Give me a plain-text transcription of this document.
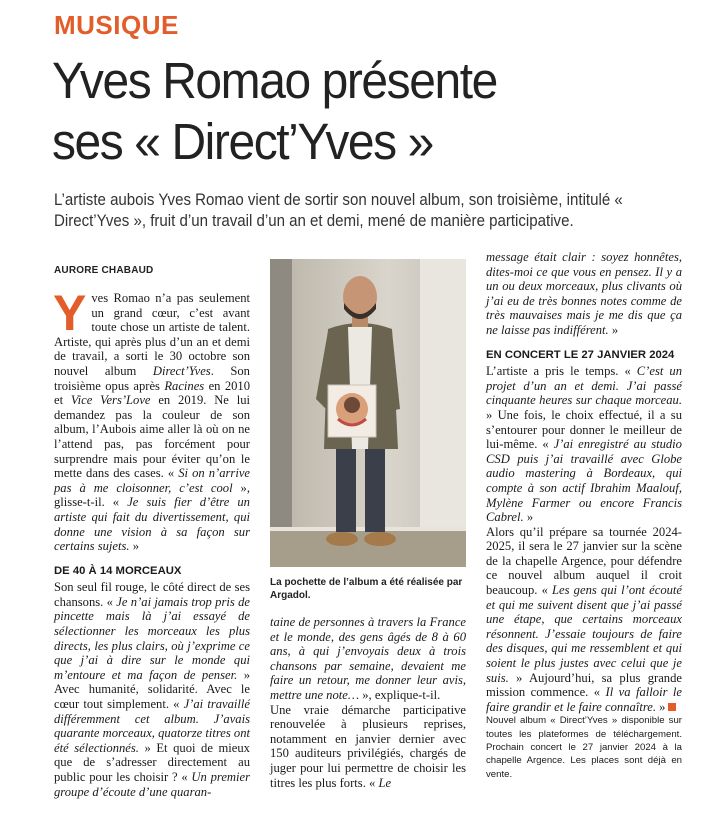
MUSIQUE
Yves Romao présente
ses « Direct’Yves »
L’artiste aubois Yves Romao vient de sortir son nouvel album, son troisième, intitulé « Direct’Yves », fruit d’un travail d’un an et demi, mené de manière participative.
AURORE CHABAUD

Yves Romao n’a pas seulement un grand cœur, c’est avant toute chose un artiste de talent. Artiste, qui après plus d’un an et demi de travail, a sorti le 30 octobre son nouvel album Direct’Yves. Son troisième opus après Racines en 2010 et Vice Vers’Love en 2019. Ne lui demandez pas la couleur de son album, l’Aubois aime aller là où on ne l’attend pas, pas forcément pour surprendre mais pour éviter qu’on le mette dans des cases. « Si on n’arrive pas à me cloisonner, c’est cool », glisse-t-il. « Je suis fier d’être un artiste qui fait du divertissement, qui donne une vision à sa façon sur certains sujets. »

DE 40 À 14 MORCEAUX

Son seul fil rouge, le côté direct de ses chansons. « Je n’ai jamais trop pris de pincette mais là j’ai essayé de sélectionner les morceaux les plus directs, les plus clairs, où j’exprime ce que j’ai à dire sur le monde qui m’entoure et ma façon de penser. » Avec humanité, solidarité. Avec le cœur tout simplement. « J’ai travaillé différemment cet album. J’avais quarante morceaux, quatorze titres ont été sélectionnés. » Et quoi de mieux que de s’adresser directement au public pour les choisir ? « Un premier groupe d’écoute d’une quaran-

La pochette de l’album a été réalisée par Argadol.

taine de personnes à travers la France et le monde, des gens âgés de 8 à 60 ans, à qui j’envoyais deux à trois chansons par semaine, devaient me faire un retour, me donner leur avis, mettre une note… », explique-t-il.

Une vraie démarche participative renouvelée à plusieurs reprises, notamment en janvier dernier avec 150 auditeurs privilégiés, chargés de juger pour lui permettre de choisir les titres les plus forts. « Le

message était clair : soyez honnêtes, dites-moi ce que vous en pensez. Il y a un ou deux morceaux, plus clivants où j’ai eu de très bonnes notes comme de très mauvaises mais je me dis que ça ne laisse pas indifférent. »

EN CONCERT LE 27 JANVIER 2024

L’artiste a pris le temps. « C’est un projet d’un an et demi. J’ai passé cinquante heures sur chaque morceau. » Une fois, le choix effectué, il a su s’entourer pour donner le meilleur de lui-même. « J’ai enregistré au studio CSD puis j’ai travaillé avec Globe audio mastering à Bordeaux, qui compte à son actif Ibrahim Maalouf, Mylène Farmer ou encore Francis Cabrel. »

Alors qu’il prépare sa tournée 2024-2025, il sera le 27 janvier sur la scène de la chapelle Argence, pour défendre ce nouvel album auquel il croit beaucoup. « Les gens qui l’ont écouté et qui me suivent disent que j’ai passé une étape, que certains morceaux résonnent. J’essaie toujours de faire des disques, qui me ressemblent et qui soient le plus justes avec celui que je suis. » Aujourd’hui, sa plus grande mission commence. « Il va falloir le faire grandir et le faire connaître. »

Nouvel album « Direct’Yves » disponible sur toutes les plateformes de téléchargement. Prochain concert le 27 janvier 2024 à la chapelle Argence. Les places sont déjà en vente.
